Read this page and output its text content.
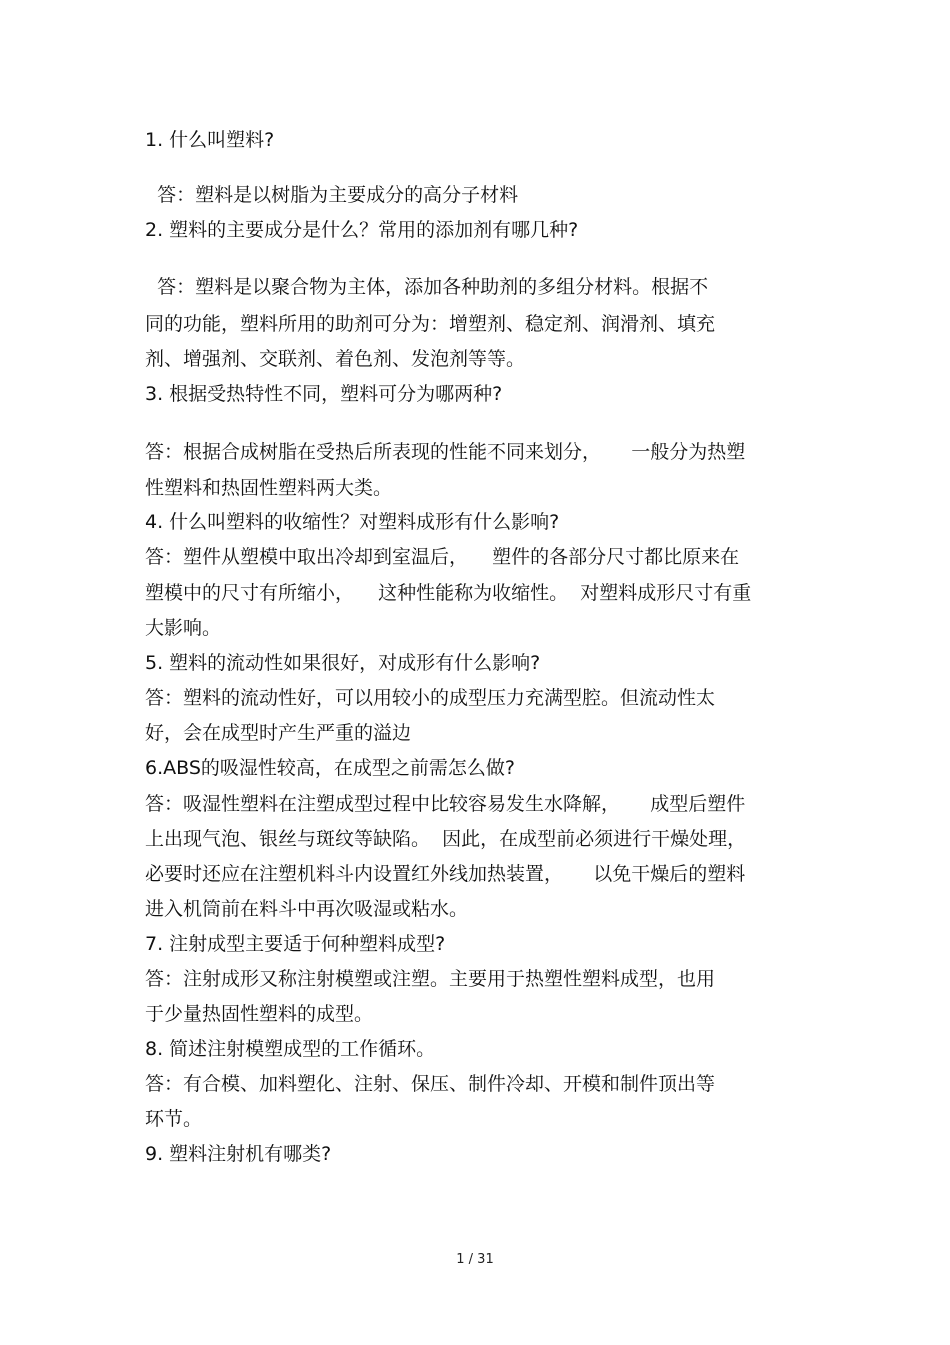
1. 什么叫塑料?
答：塑料是以树脂为主要成分的高分子材料
2. 塑料的主要成分是什么？常用的添加剂有哪几种?
答：塑料是以聚合物为主体，添加各种助剂的多组分材料。根据不
同的功能，塑料所用的助剂可分为：增塑剂、稳定剂、润滑剂、填充
剂、增强剂、交联剂、着色剂、发泡剂等等。
3. 根据受热特性不同，塑料可分为哪两种?
答：根据合成树脂在受热后所表现的性能不同来划分，     一般分为热塑
性塑料和热固性塑料两大类。
4. 什么叫塑料的收缩性？对塑料成形有什么影响?
答：塑件从塑模中取出冷却到室温后，    塑件的各部分尺寸都比原来在
塑模中的尺寸有所缩小，    这种性能称为收缩性。  对塑料成形尺寸有重
大影响。
5. 塑料的流动性如果很好，对成形有什么影响?
答：塑料的流动性好，可以用较小的成型压力充满型腔。但流动性太
好，会在成型时产生严重的溢边
6.ABS的吸湿性较高，在成型之前需怎么做?
答：吸湿性塑料在注塑成型过程中比较容易发生水降解，     成型后塑件
上出现气泡、银丝与斑纹等缺陷。  因此，在成型前必须进行干燥处理，
必要时还应在注塑机料斗内设置红外线加热装置，     以免干燥后的塑料
进入机筒前在料斗中再次吸湿或粘水。
7. 注射成型主要适于何种塑料成型?
答：注射成形又称注射模塑或注塑。主要用于热塑性塑料成型，也用
于少量热固性塑料的成型。
8. 简述注射模塑成型的工作循环。
答：有合模、加料塑化、注射、保压、制件冷却、开模和制件顶出等
环节。
9. 塑料注射机有哪类?
1 / 31
